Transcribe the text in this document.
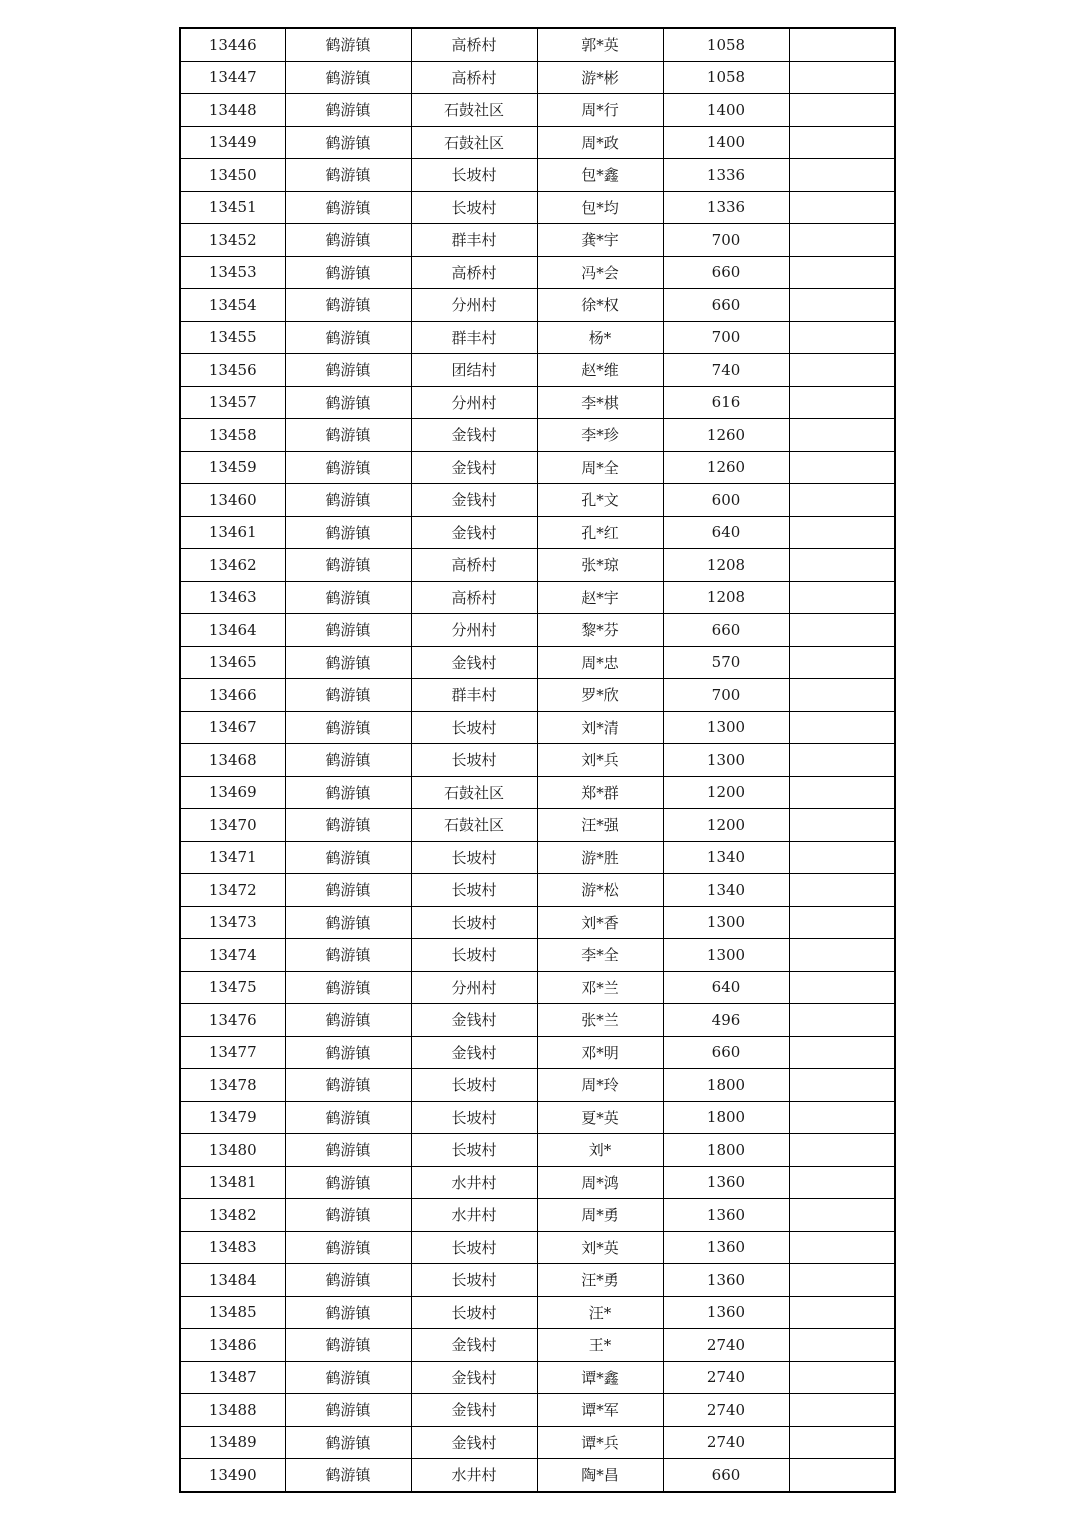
13446	鹤游镇	高桥村	郭*英	1058	
13447	鹤游镇	高桥村	游*彬	1058	
13448	鹤游镇	石鼓社区	周*行	1400	
13449	鹤游镇	石鼓社区	周*政	1400	
13450	鹤游镇	长坡村	包*鑫	1336	
13451	鹤游镇	长坡村	包*均	1336	
13452	鹤游镇	群丰村	龚*宇	700	
13453	鹤游镇	高桥村	冯*会	660	
13454	鹤游镇	分州村	徐*权	660	
13455	鹤游镇	群丰村	杨*	700	
13456	鹤游镇	团结村	赵*维	740	
13457	鹤游镇	分州村	李*棋	616	
13458	鹤游镇	金钱村	李*珍	1260	
13459	鹤游镇	金钱村	周*全	1260	
13460	鹤游镇	金钱村	孔*文	600	
13461	鹤游镇	金钱村	孔*红	640	
13462	鹤游镇	高桥村	张*琼	1208	
13463	鹤游镇	高桥村	赵*宇	1208	
13464	鹤游镇	分州村	黎*芬	660	
13465	鹤游镇	金钱村	周*忠	570	
13466	鹤游镇	群丰村	罗*欣	700	
13467	鹤游镇	长坡村	刘*清	1300	
13468	鹤游镇	长坡村	刘*兵	1300	
13469	鹤游镇	石鼓社区	郑*群	1200	
13470	鹤游镇	石鼓社区	汪*强	1200	
13471	鹤游镇	长坡村	游*胜	1340	
13472	鹤游镇	长坡村	游*松	1340	
13473	鹤游镇	长坡村	刘*香	1300	
13474	鹤游镇	长坡村	李*全	1300	
13475	鹤游镇	分州村	邓*兰	640	
13476	鹤游镇	金钱村	张*兰	496	
13477	鹤游镇	金钱村	邓*明	660	
13478	鹤游镇	长坡村	周*玲	1800	
13479	鹤游镇	长坡村	夏*英	1800	
13480	鹤游镇	长坡村	刘*	1800	
13481	鹤游镇	水井村	周*鸿	1360	
13482	鹤游镇	水井村	周*勇	1360	
13483	鹤游镇	长坡村	刘*英	1360	
13484	鹤游镇	长坡村	汪*勇	1360	
13485	鹤游镇	长坡村	汪*	1360	
13486	鹤游镇	金钱村	王*	2740	
13487	鹤游镇	金钱村	谭*鑫	2740	
13488	鹤游镇	金钱村	谭*军	2740	
13489	鹤游镇	金钱村	谭*兵	2740	
13490	鹤游镇	水井村	陶*昌	660	
